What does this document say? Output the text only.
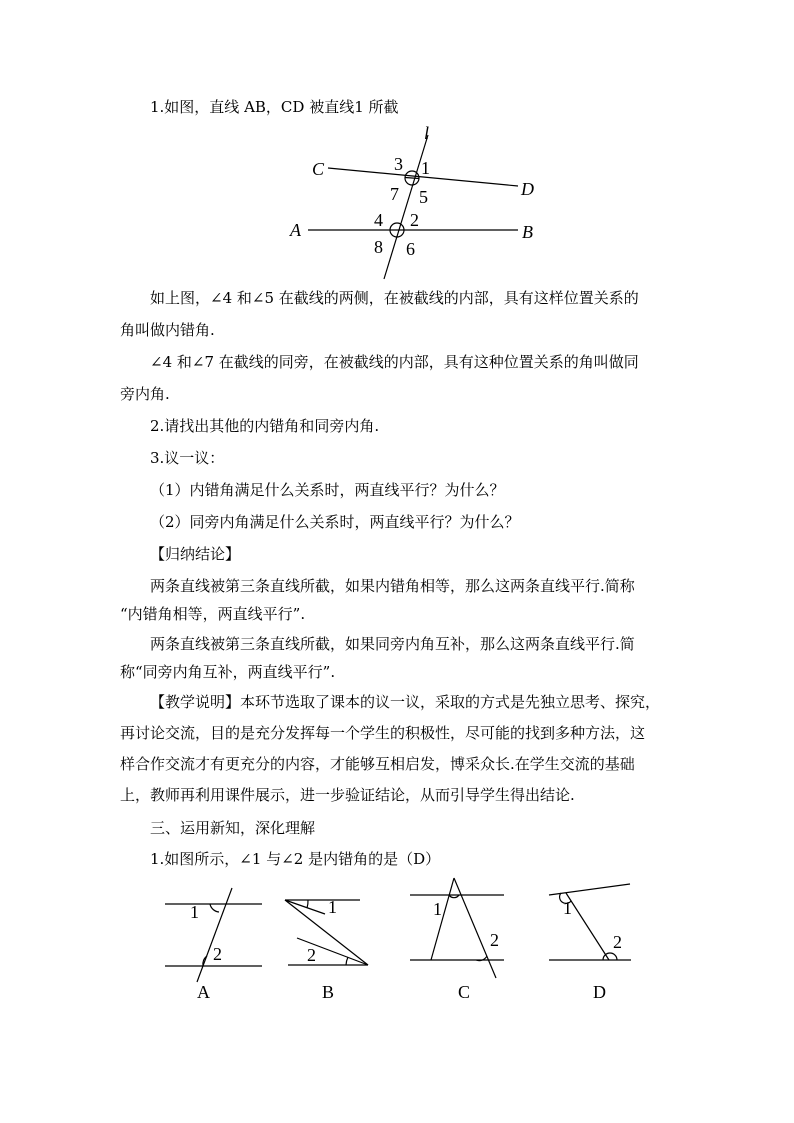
1.如图，直线 AB，CD 被直线1 所截
l
C
D
A	B
3 1
7 5
4 2
8 6
如上图，∠4 和∠5 在截线的两侧，在被截线的内部，具有这样位置关系的
角叫做内错角.
∠4 和∠7 在截线的同旁，在被截线的内部，具有这种位置关系的角叫做同
旁内角.
2.请找出其他的内错角和同旁内角.
3.议一议：
（1）内错角满足什么关系时，两直线平行？为什么？
（2）同旁内角满足什么关系时，两直线平行？为什么？
【归纳结论】
两条直线被第三条直线所截，如果内错角相等，那么这两条直线平行.简称
“内错角相等，两直线平行”.
两条直线被第三条直线所截，如果同旁内角互补，那么这两条直线平行.简
称“同旁内角互补，两直线平行”.
【教学说明】本环节选取了课本的议一议，采取的方式是先独立思考、探究，
再讨论交流，目的是充分发挥每一个学生的积极性，尽可能的找到多种方法，这
样合作交流才有更充分的内容，才能够互相启发，博采众长.在学生交流的基础
上，教师再利用课件展示，进一步验证结论，从而引导学生得出结论.
三、运用新知，深化理解
1.如图所示，∠1 与∠2 是内错角的是（D）
1
2
A
1
2
B
1
2
C
1
2
D
